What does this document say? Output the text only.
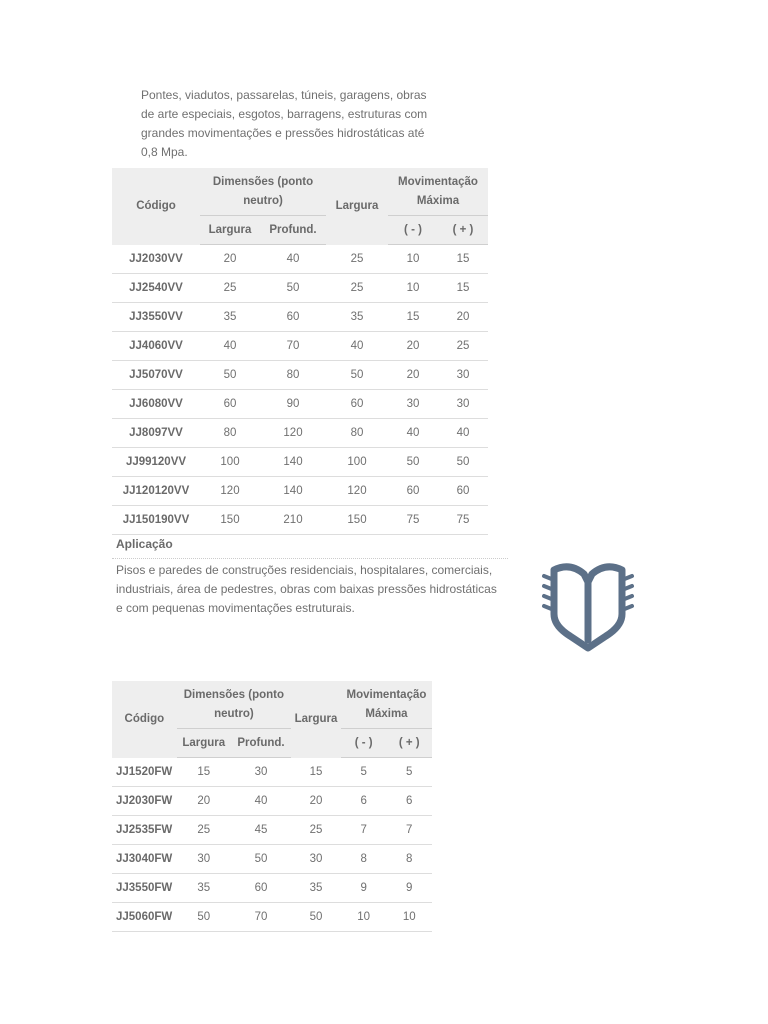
Pontes, viadutos, passarelas, túneis, garagens, obras de arte especiais, esgotos, barragens, estruturas com grandes movimentações e pressões hidrostáticas até 0,8 Mpa.
Código	Dimensões (ponto neutro)		Largura	Movimentação Máxima	
	Largura	Profund.		( - )	( + )
JJ2030VV	20	40	25	10	15
JJ2540VV	25	50	25	10	15
JJ3550VV	35	60	35	15	20
JJ4060VV	40	70	40	20	25
JJ5070VV	50	80	50	20	30
JJ6080VV	60	90	60	30	30
JJ8097VV	80	120	80	40	40
JJ99120VV	100	140	100	50	50
JJ120120VV	120	140	120	60	60
JJ150190VV	150	210	150	75	75
Aplicação
Pisos e paredes de construções residenciais, hospitalares, comerciais, industriais, área de pedestres, obras com baixas pressões hidrostáticas e com pequenas movimentações estruturais.
Código	Dimensões (ponto neutro)		Largura	Movimentação Máxima	
	Largura	Profund.		( - )	( + )
JJ1520FW	15	30	15	5	5
JJ2030FW	20	40	20	6	6
JJ2535FW	25	45	25	7	7
JJ3040FW	30	50	30	8	8
JJ3550FW	35	60	35	9	9
JJ5060FW	50	70	50	10	10
